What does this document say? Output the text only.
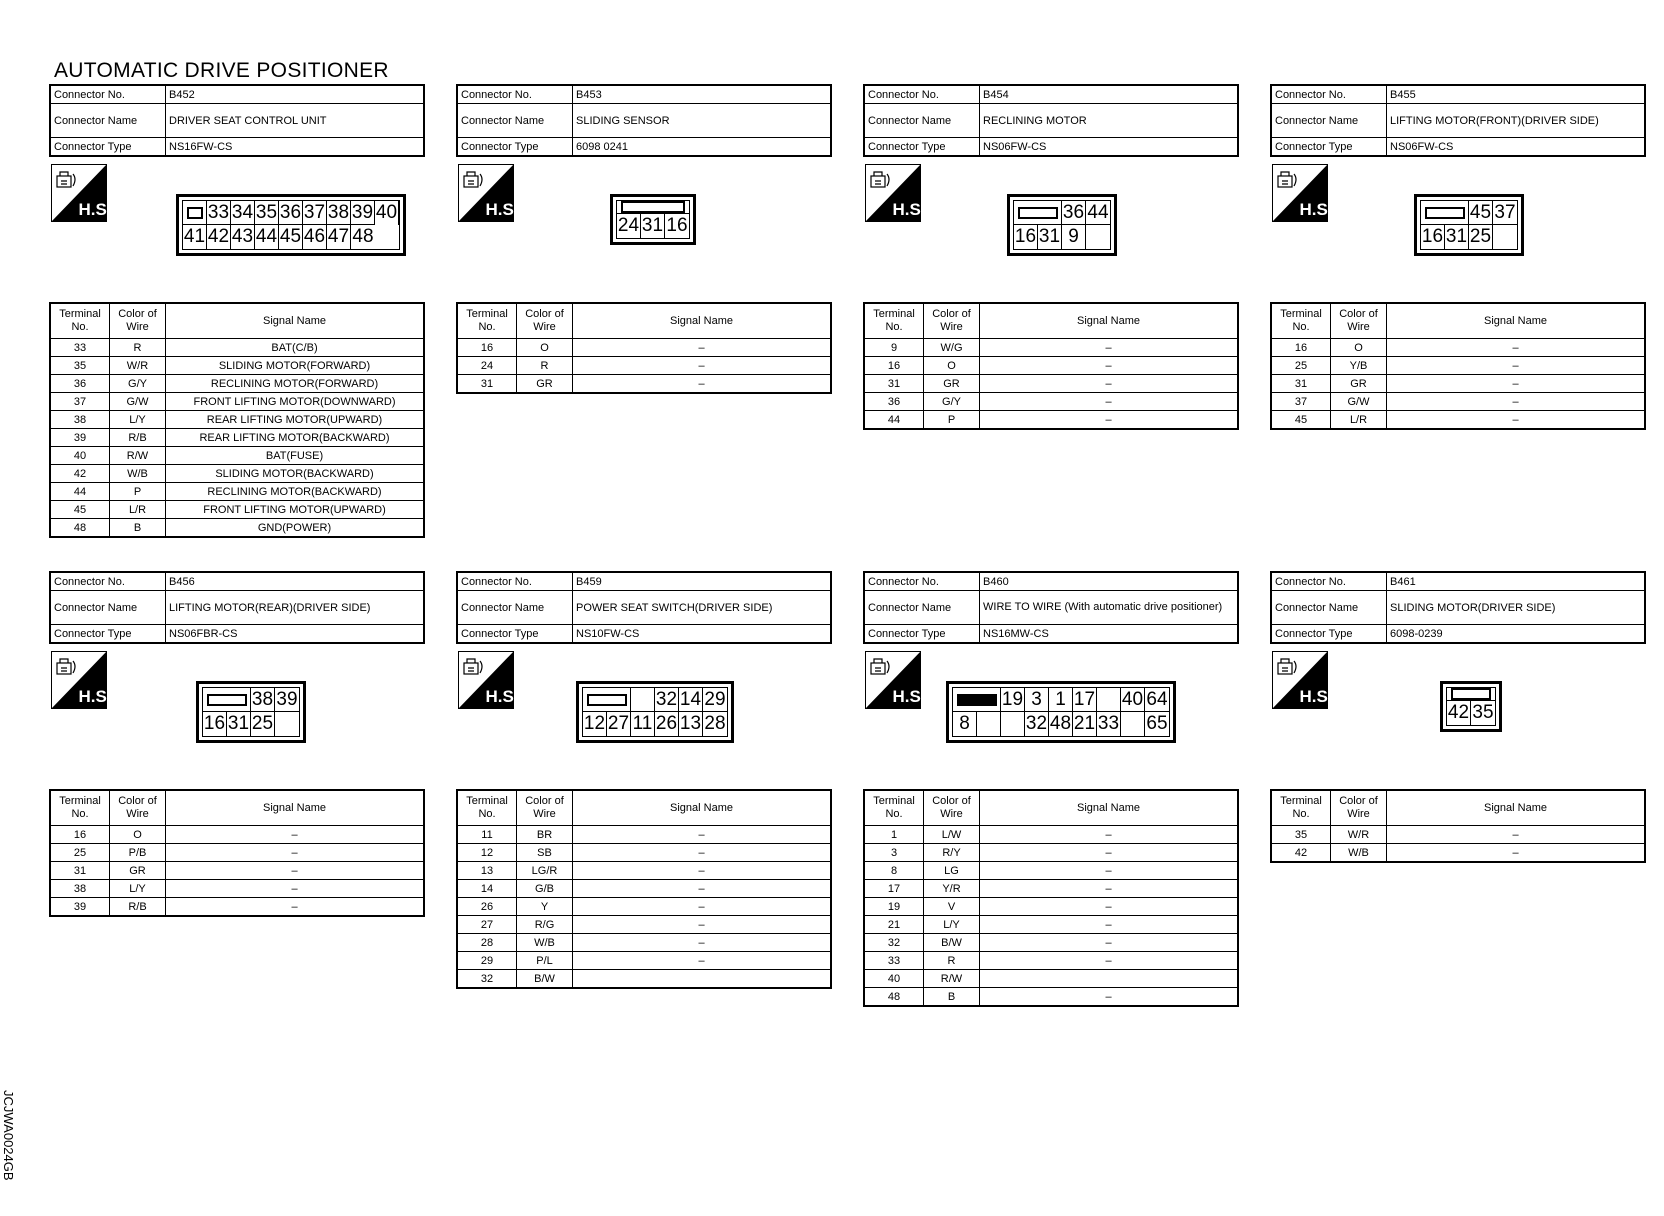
AUTOMATIC DRIVE POSITIONER
Connector No.	B452
Connector Name	DRIVER SEAT CONTROL UNIT
Connector Type	NS16FW-CS
H.S.	33 34 35 36 37 38 39 40
41 42 43 44 45 46 47 48
Terminal No.	Color of Wire	Signal Name
33	R	BAT(C/B)
35	W/R	SLIDING MOTOR(FORWARD)
36	G/Y	RECLINING MOTOR(FORWARD)
37	G/W	FRONT LIFTING MOTOR(DOWNWARD)
38	L/Y	REAR LIFTING MOTOR(UPWARD)
39	R/B	REAR LIFTING MOTOR(BACKWARD)
40	R/W	BAT(FUSE)
42	W/B	SLIDING MOTOR(BACKWARD)
44	P	RECLINING MOTOR(BACKWARD)
45	L/R	FRONT LIFTING MOTOR(UPWARD)
48	B	GND(POWER)
Connector No.	B453
Connector Name	SLIDING SENSOR
Connector Type	6098 0241
H.S.
24 31 16
Terminal No.	Color of Wire	Signal Name
16	O	–
24	R	–
31	GR	–
Connector No.	B454
Connector Name	RECLINING MOTOR
Connector Type	NS06FW-CS
H.S.	36 44
16 31 9
Terminal No.	Color of Wire	Signal Name
9	W/G	–
16	O	–
31	GR	–
36	G/Y	–
44	P	–
Connector No.	B455
Connector Name	LIFTING MOTOR(FRONT)(DRIVER SIDE)
Connector Type	NS06FW-CS
H.S.	45 37
16 31 25
Terminal No.	Color of Wire	Signal Name
16	O	–
25	Y/B	–
31	GR	–
37	G/W	–
45	L/R	–
Connector No.	B456
Connector Name	LIFTING MOTOR(REAR)(DRIVER SIDE)
Connector Type	NS06FBR-CS
H.S.	38 39
16 31 25
Terminal No.	Color of Wire	Signal Name
16	O	–
25	P/B	–
31	GR	–
38	L/Y	–
39	R/B	–
Connector No.	B459
Connector Name	POWER SEAT SWITCH(DRIVER SIDE)
Connector Type	NS10FW-CS
H.S.	32 14 29
12 27 11 26 13 28
Terminal No.	Color of Wire	Signal Name
11	BR	–
12	SB	–
13	LG/R	–
14	G/B	–
26	Y	–
27	R/G	–
28	W/B	–
29	P/L	–
32	B/W	
Connector No.	B460
Connector Name	WIRE TO WIRE (With automatic drive positioner)
Connector Type	NS16MW-CS
H.S.	19 3 1 17 40 64
8	32 48 21 33 65
Terminal No.	Color of Wire	Signal Name
1	L/W	–
3	R/Y	–
8	LG	–
17	Y/R	–
19	V	–
21	L/Y	–
32	B/W	–
33	R	–
40	R/W	
48	B	–
Connector No.	B461
Connector Name	SLIDING MOTOR(DRIVER SIDE)
Connector Type	6098-0239
H.S.
42 35
Terminal No.	Color of Wire	Signal Name
35	W/R	–
42	W/B	–
JCJWA0024GB
